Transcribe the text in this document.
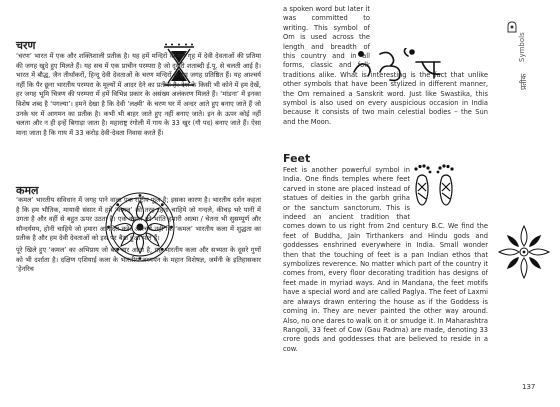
चरण

‘चरण’ भारत में एक और शक्तिशाली प्रतीक है। यह हमें मन्दिरों के गर्भ गृह में देवी देवताओं की प्रतिमा की जगह खुदे हुए मिलते हैं। यह सच में एक प्राचीन परम्परा है जो दूसरी शताब्दी ई.पू. से चलती आई है। भारत में बौद्ध, जैन तीर्थांकरों, हिन्दू देवी देवताओं के चरण मन्दिरों में इस जगह प्रतिष्ठित हैं। यह आश्चर्य नहीं कि पैर छूना भारतीय परम्परा के मूल्यों में आदर देने का प्रतीक है। देश के किसी भी कोने में हम देखें, हर जगह भूमि चित्रण की परम्परा में हमें विभिन्न प्रकार के असंख्य अलंकरण मिलते हैं। ‘मांडना’ में इनका विशेष शब्द है ‘पगल्या’। हमने देखा है कि देवी ‘लक्ष्मी’ के चरण घर में अन्दर आते हुए बनाए जाते हैं जो उनके घर में आगमन का प्रतीक है। कभी भी बाहर जाते हुए नहीं बनाए जाते। इन के ऊपर कोई नहीं चलता और न ही इन्हें बिगाड़ा जाता है। महाराष्ट्र रंगोली में गाय के 33 खुर (गौ पद) बनाए जाते हैं। ऐसा माना जाता है कि गाय में 33 करोड़ देवी-देवता निवास करते हैं।

कमल

‘कमल’ भारतीय सविधान में जगह पाने वाला एक राष्ट्रीय फूल है; इसका कारण है। भारतीय दर्शन कहता है कि हम भौतिक, मायावी संसार में हमें ‘कमल’ की तरह रहना चाहिये जो गन्दले, कीचड़ भरे पानी में उगता है और वहीं से बहुत ऊपर उठता है। एक कमल की भांति हमारी आत्मा / चेतना भी सुसम्पूर्ण और सौन्दर्यमय, होनी चाहिये जो हमारा आनंदित करे। आश्चर्य नहीं कि ‘कमल’ भारतीय कला में शुद्धता का प्रतीक है और हम देवी देवताओं को इस पर बैठा हुआ पाते हैं।

पूरे खिले हुए ‘कमल’ का अभिप्राय जो बार-बार आता है, यह भारतीय कला और सभ्यता के दूसरे गुणों को भी दर्शाता है। दक्षिण एशियाई कला के भारतीय अध्ययन के महान विशेषज्ञ, जर्मनी के इतिहासकार ‘हेनरिच

a spoken word but later it was committed to writing. This symbol of Om is used across the length and breadth of this country and in all forms, classic and folk traditions alike. What is interesting is the fact that unlike other symbols that have been stylized in different manner, the Om remained a Sanskrit word. Just like Swastika, this symbol is also used on every auspicious occasion in India because it consists of two main celestial bodies – the Sun and the Moon.

Feet

Feet is another powerful symbol in India. One finds temples where feet carved in stone are placed instead of statues of deities in the garbh griha or the sanctum sanctorum. This is indeed an ancient tradition that comes down to us right from 2nd century B.C. We find the feet of Buddha, Jain Tirthankers and Hindu gods and goddesses enshrined everywhere in India. Small wonder then that the touching of feet is a pan Indian ethos that symbolizes reverence. No matter which part of the country it comes from, every floor decorating tradition has designs of feet made in myriad ways. And in Mandana, the feet motifs have a special word and are called Paglya. The feet of Laxmi are always drawn entering the house as if the Goddess is coming in. They are never painted the other way around. Also, no one dares to walk on it or smudge it. In Maharashtra Rangoli, 33 feet of Cow (Gau Padma) are made, denoting 33 crore gods and goddesses that are believed to reside in a cow.

Symbols
प्रतीक
137
